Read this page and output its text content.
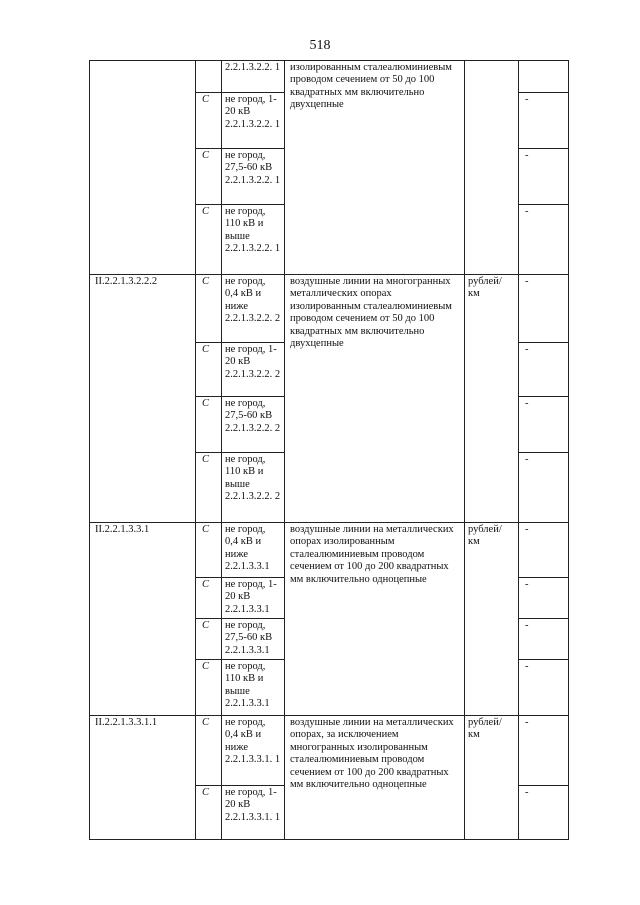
518
		2.2.1.3.2.2. 1	изолированным сталеалюминиевым проводом сечением от 50 до 100 квадратных мм включительно двухцепные		
	С	не город, 1-20 кВ 2.2.1.3.2.2. 1			-
	С	не город, 27,5-60 кВ 2.2.1.3.2.2. 1			-
	С	не город, 110 кВ и выше 2.2.1.3.2.2. 1			-
II.2.2.1.3.2.2.2	С	не город, 0,4 кВ и ниже 2.2.1.3.2.2. 2	воздушные линии на многогранных металлических опорах изолированным сталеалюминиевым проводом сечением от 50 до 100 квадратных мм включительно двухцепные	рублей/ км	-
	С	не город, 1-20 кВ 2.2.1.3.2.2. 2			-
	С	не город, 27,5-60 кВ 2.2.1.3.2.2. 2			-
	С	не город, 110 кВ и выше 2.2.1.3.2.2. 2			-
II.2.2.1.3.3.1	С	не город, 0,4 кВ и ниже 2.2.1.3.3.1	воздушные линии на металлических опорах изолированным сталеалюминиевым проводом сечением от 100 до 200 квадратных мм включительно одноцепные	рублей/ км	-
	С	не город, 1-20 кВ 2.2.1.3.3.1			-
	С	не город, 27,5-60 кВ 2.2.1.3.3.1			-
	С	не город, 110 кВ и выше 2.2.1.3.3.1			-
II.2.2.1.3.3.1.1	С	не город, 0,4 кВ и ниже 2.2.1.3.3.1. 1	воздушные линии на металлических опорах, за исключением многогранных изолированным сталеалюминиевым проводом сечением от 100 до 200 квадратных мм включительно одноцепные	рублей/ км	-
	С	не город, 1-20 кВ 2.2.1.3.3.1. 1			-
